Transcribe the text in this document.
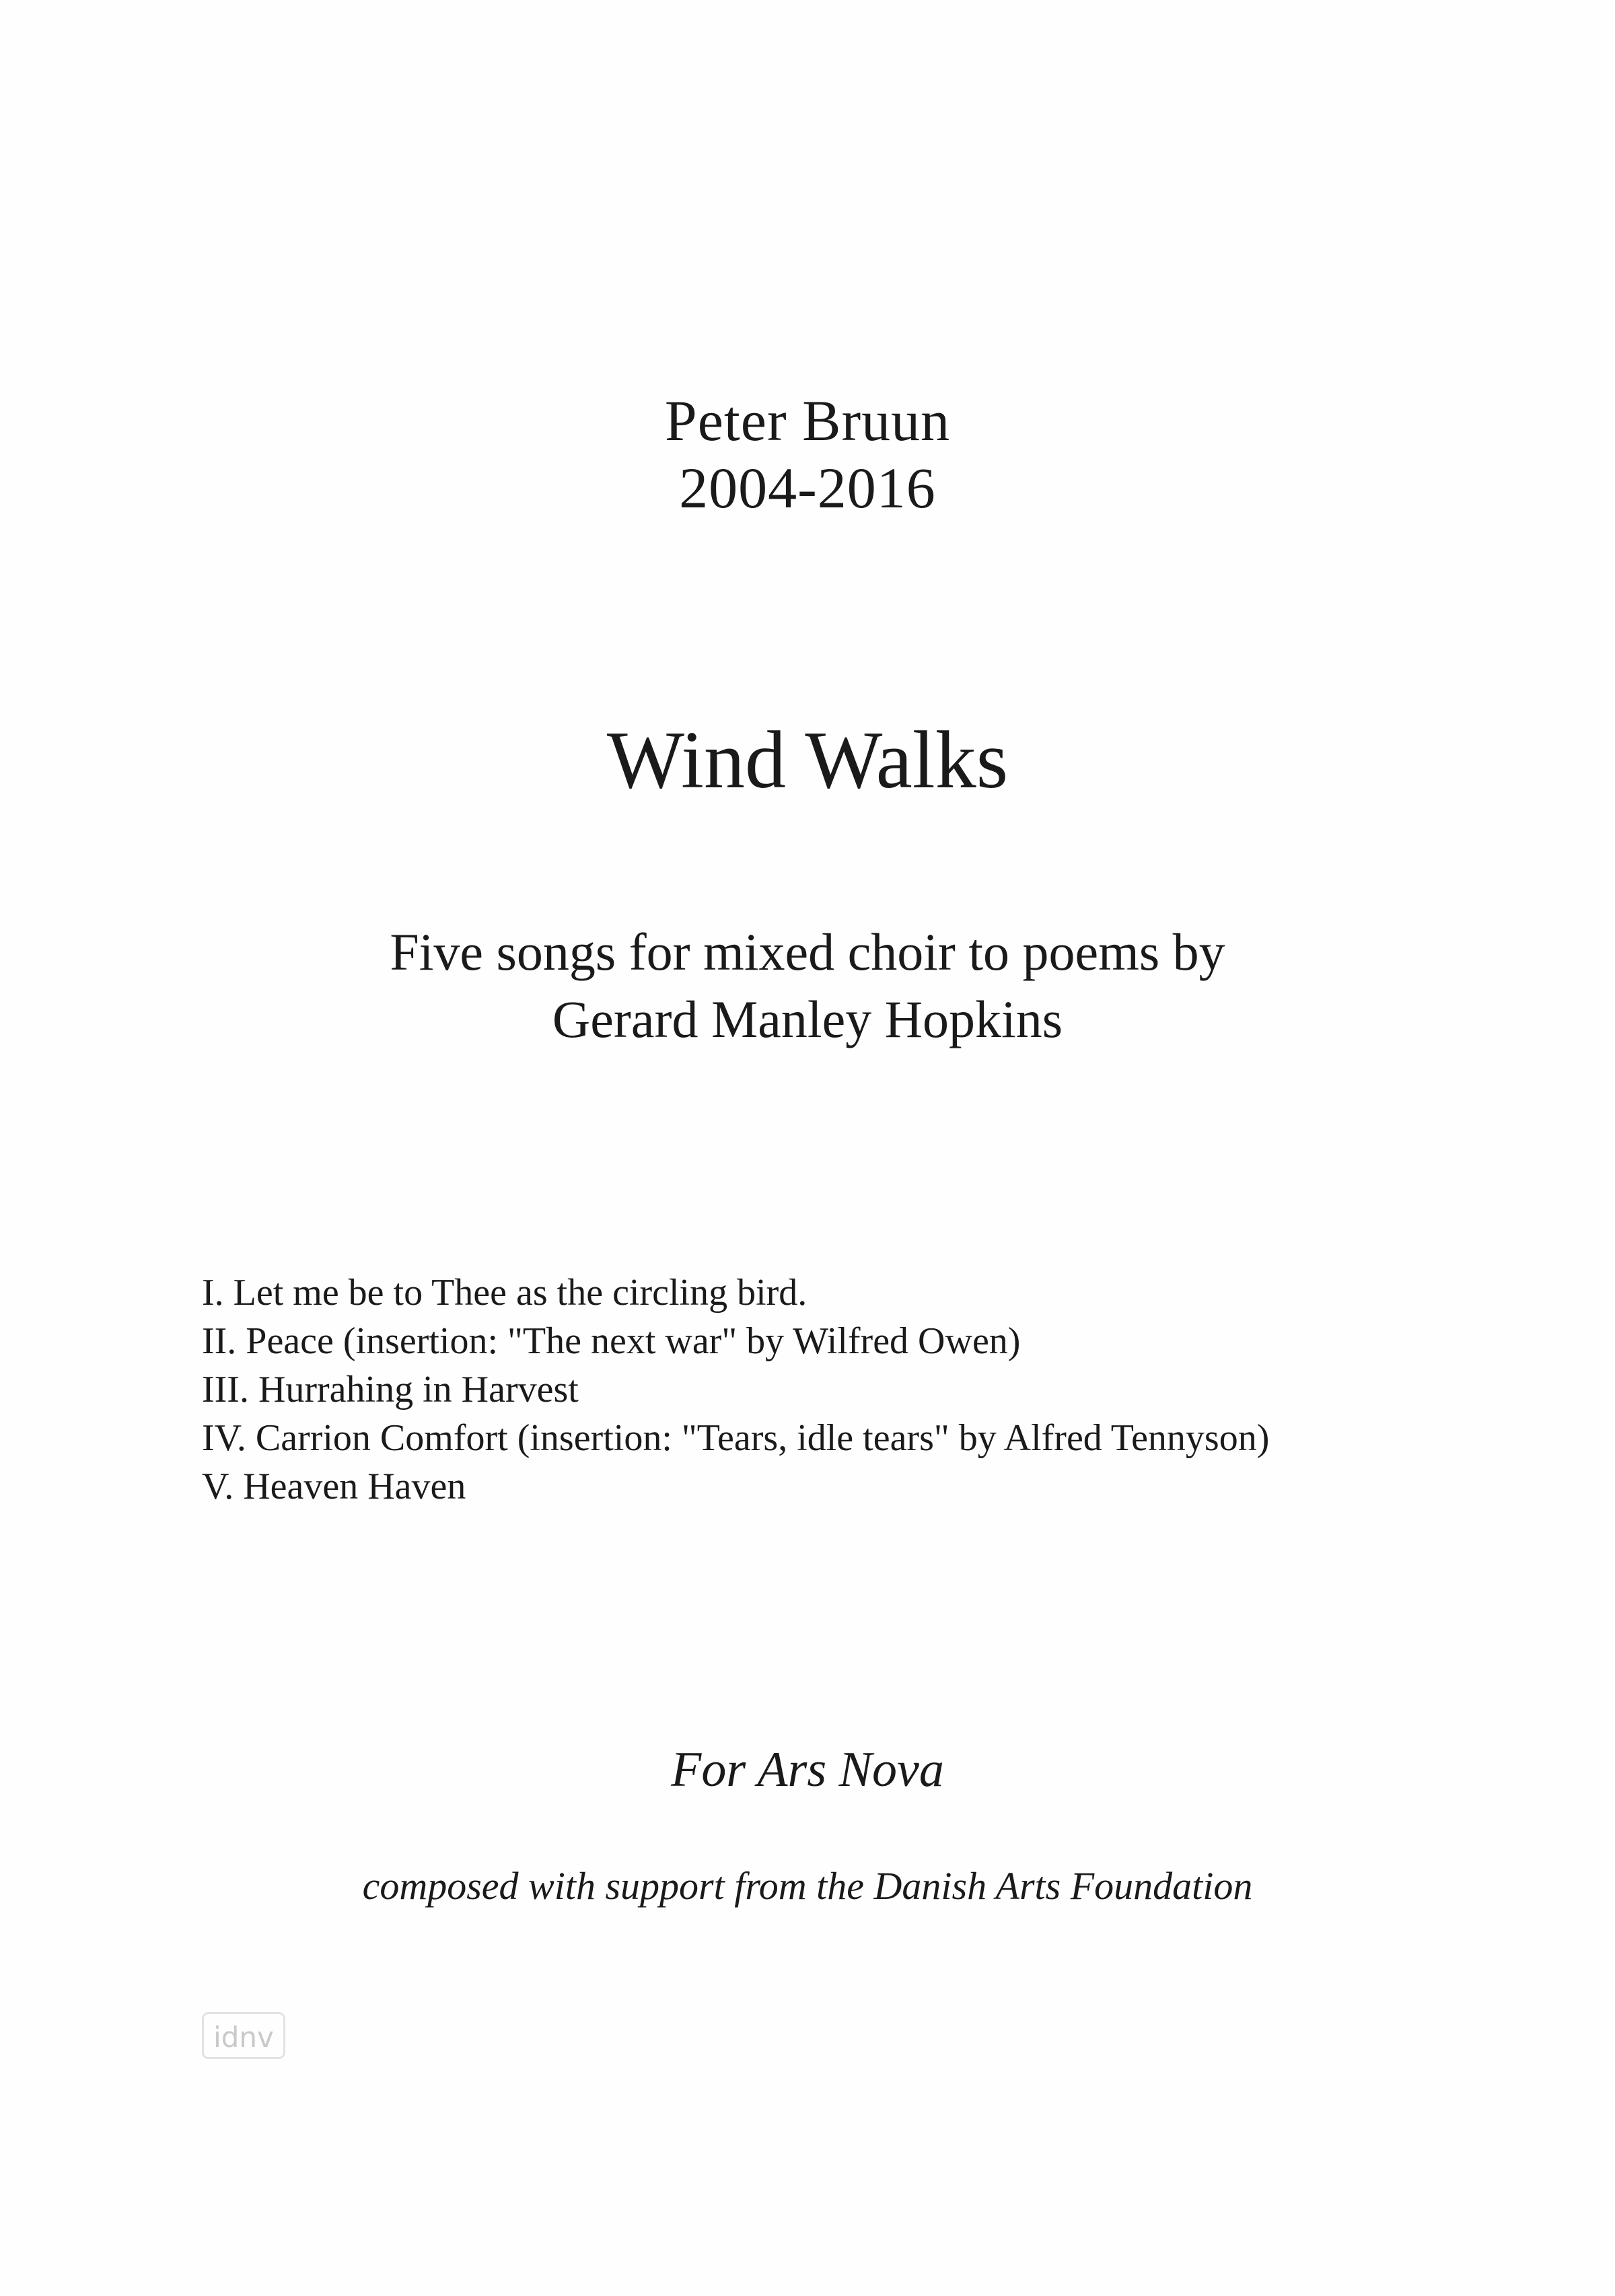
Peter Bruun
2004-2016
Wind Walks
Five songs for mixed choir to poems by
Gerard Manley Hopkins
I. Let me be to Thee as the circling bird.
II. Peace (insertion: "The next war" by Wilfred Owen)
III. Hurrahing in Harvest
IV. Carrion Comfort (insertion: "Tears, idle tears" by Alfred Tennyson)
V. Heaven Haven
For Ars Nova
composed with support from the Danish Arts Foundation
idnv
